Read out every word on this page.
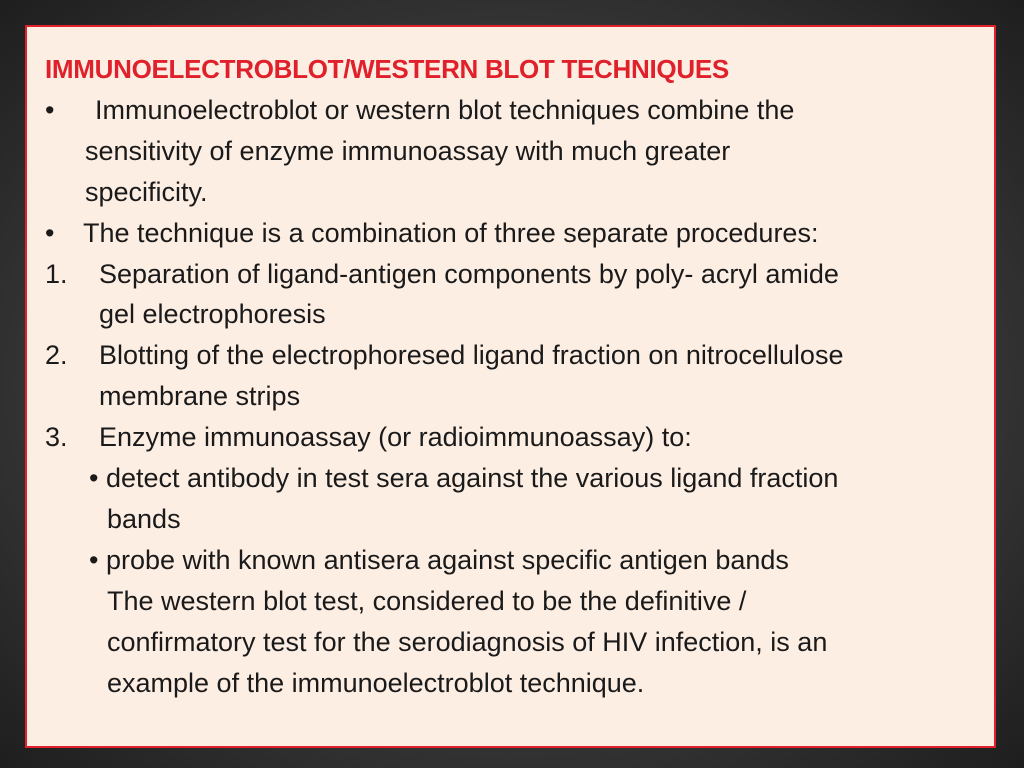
IMMUNOELECTROBLOT/WESTERN BLOT TECHNIQUES
• Immunoelectroblot or western blot techniques combine the
sensitivity of enzyme immunoassay with much greater
specificity.
• The technique is a combination of three separate procedures:
1. Separation of ligand-antigen components by poly- acryl amide
gel electrophoresis
2. Blotting of the electrophoresed ligand fraction on nitrocellulose
membrane strips
3. Enzyme immunoassay (or radioimmunoassay) to:
• detect antibody in test sera against the various ligand fraction
bands
• probe with known antisera against specific antigen bands
The western blot test, considered to be the definitive /
confirmatory test for the serodiagnosis of HIV infection, is an
example of the immunoelectroblot technique.
